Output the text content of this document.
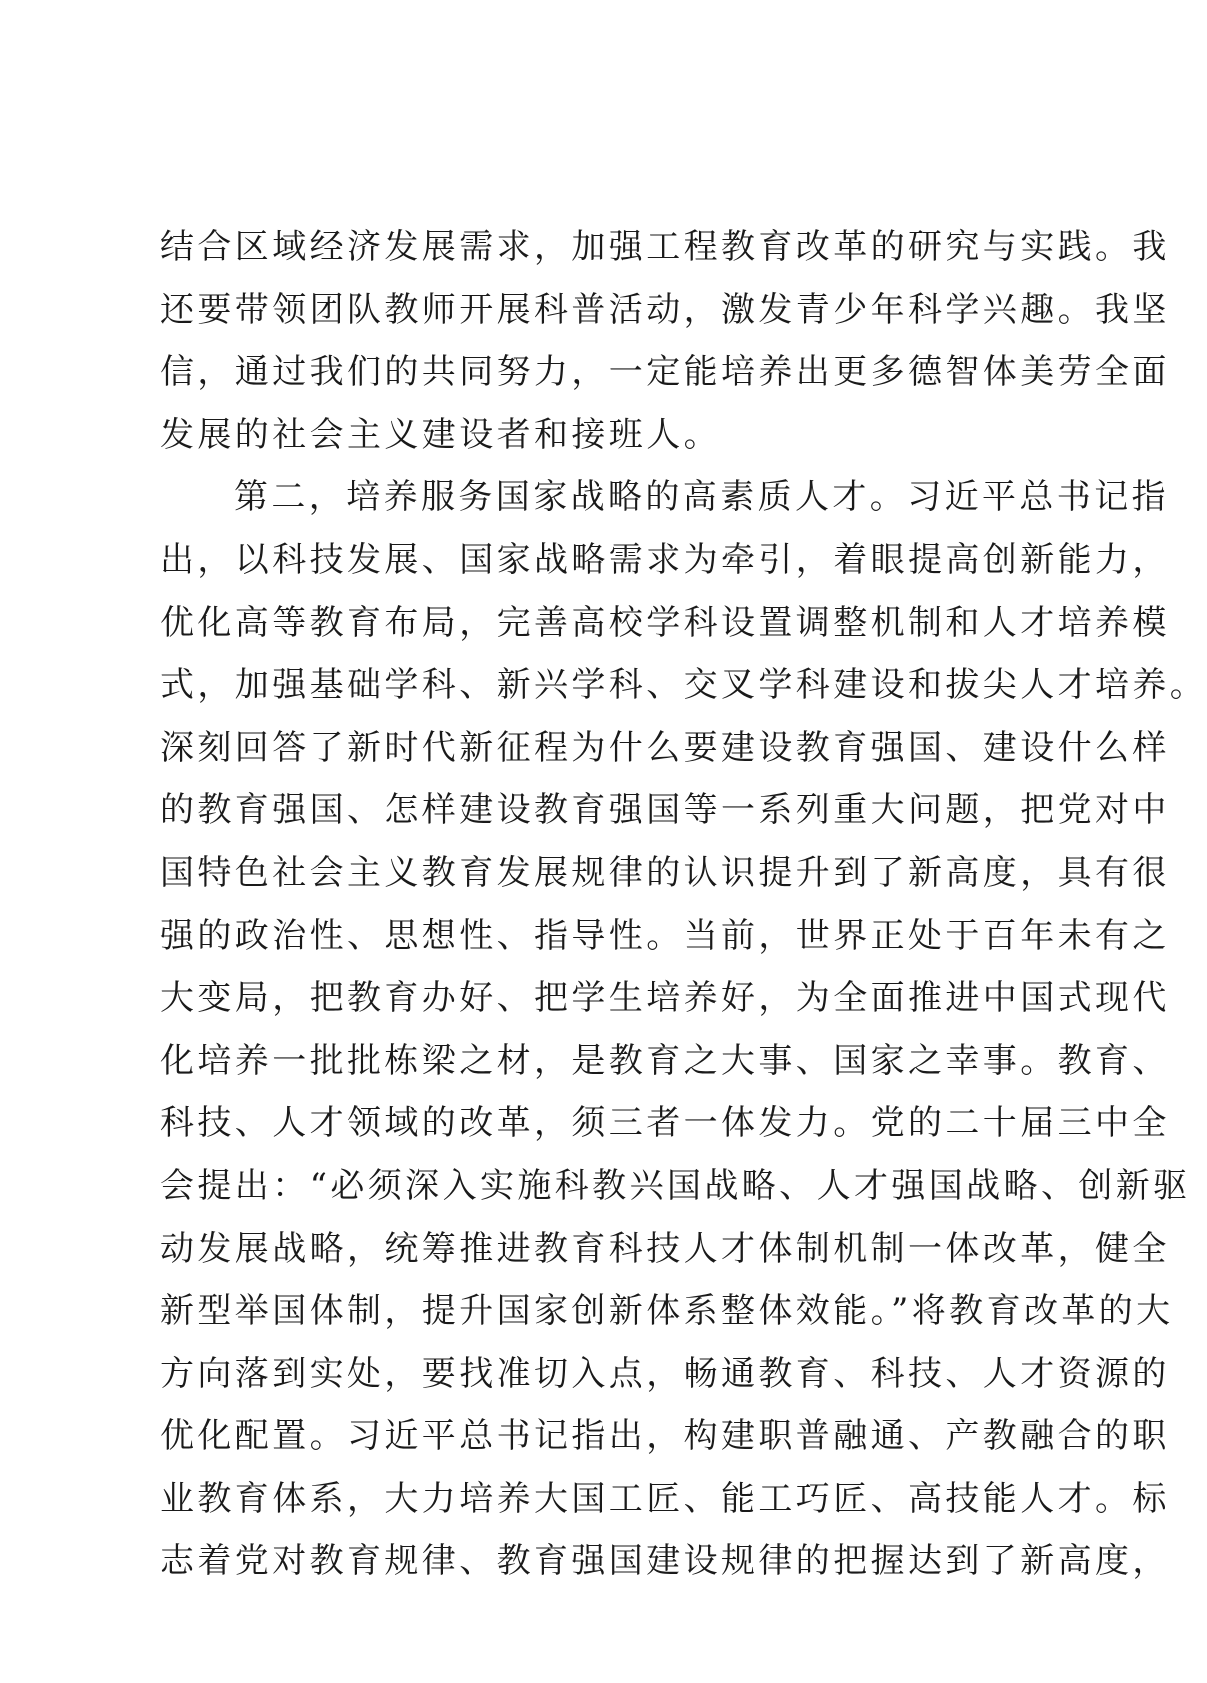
结合区域经济发展需求，加强工程教育改革的研究与实践。我
还要带领团队教师开展科普活动，激发青少年科学兴趣。我坚
信，通过我们的共同努力，一定能培养出更多德智体美劳全面
发展的社会主义建设者和接班人。
第二，培养服务国家战略的高素质人才。习近平总书记指
出，以科技发展、国家战略需求为牵引，着眼提高创新能力，
优化高等教育布局，完善高校学科设置调整机制和人才培养模
式，加强基础学科、新兴学科、交叉学科建设和拔尖人才培养。
深刻回答了新时代新征程为什么要建设教育强国、建设什么样
的教育强国、怎样建设教育强国等一系列重大问题，把党对中
国特色社会主义教育发展规律的认识提升到了新高度，具有很
强的政治性、思想性、指导性。当前，世界正处于百年未有之
大变局，把教育办好、把学生培养好，为全面推进中国式现代
化培养一批批栋梁之材，是教育之大事、国家之幸事。教育、
科技、人才领域的改革，须三者一体发力。党的二十届三中全
会提出：“必须深入实施科教兴国战略、人才强国战略、创新驱
动发展战略，统筹推进教育科技人才体制机制一体改革，健全
新型举国体制，提升国家创新体系整体效能。”将教育改革的大
方向落到实处，要找准切入点，畅通教育、科技、人才资源的
优化配置。习近平总书记指出，构建职普融通、产教融合的职
业教育体系，大力培养大国工匠、能工巧匠、高技能人才。标
志着党对教育规律、教育强国建设规律的把握达到了新高度，
